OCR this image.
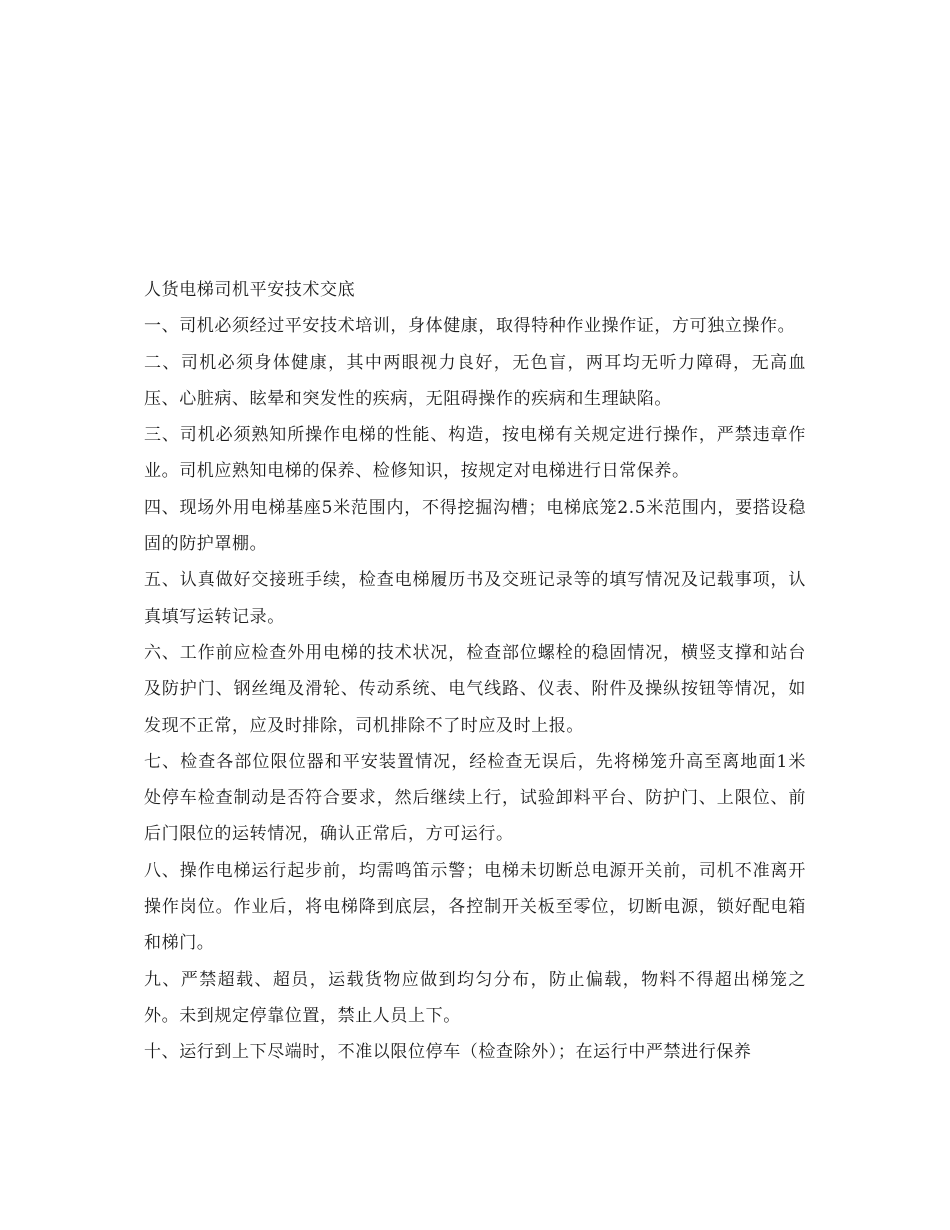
人货电梯司机平安技术交底

一、司机必须经过平安技术培训，身体健康，取得特种作业操作证，方可独立操作。

二、司机必须身体健康，其中两眼视力良好，无色盲，两耳均无听力障碍，无高血压、心脏病、眩晕和突发性的疾病，无阻碍操作的疾病和生理缺陷。

三、司机必须熟知所操作电梯的性能、构造，按电梯有关规定进行操作，严禁违章作业。司机应熟知电梯的保养、检修知识，按规定对电梯进行日常保养。

四、现场外用电梯基座5米范围内，不得挖掘沟槽；电梯底笼2.5米范围内，要搭设稳固的防护罩棚。

五、认真做好交接班手续，检查电梯履历书及交班记录等的填写情况及记载事项，认真填写运转记录。

六、工作前应检查外用电梯的技术状况，检查部位螺栓的稳固情况，横竖支撑和站台及防护门、钢丝绳及滑轮、传动系统、电气线路、仪表、附件及操纵按钮等情况，如发现不正常，应及时排除，司机排除不了时应及时上报。

七、检查各部位限位器和平安装置情况，经检查无误后，先将梯笼升高至离地面1米处停车检查制动是否符合要求，然后继续上行，试验卸料平台、防护门、上限位、前后门限位的运转情况，确认正常后，方可运行。

八、操作电梯运行起步前，均需鸣笛示警；电梯未切断总电源开关前，司机不准离开操作岗位。作业后，将电梯降到底层，各控制开关板至零位，切断电源，锁好配电箱和梯门。

九、严禁超载、超员，运载货物应做到均匀分布，防止偏载，物料不得超出梯笼之外。未到规定停靠位置，禁止人员上下。

十、运行到上下尽端时，不准以限位停车（检查除外）；在运行中严禁进行保养
